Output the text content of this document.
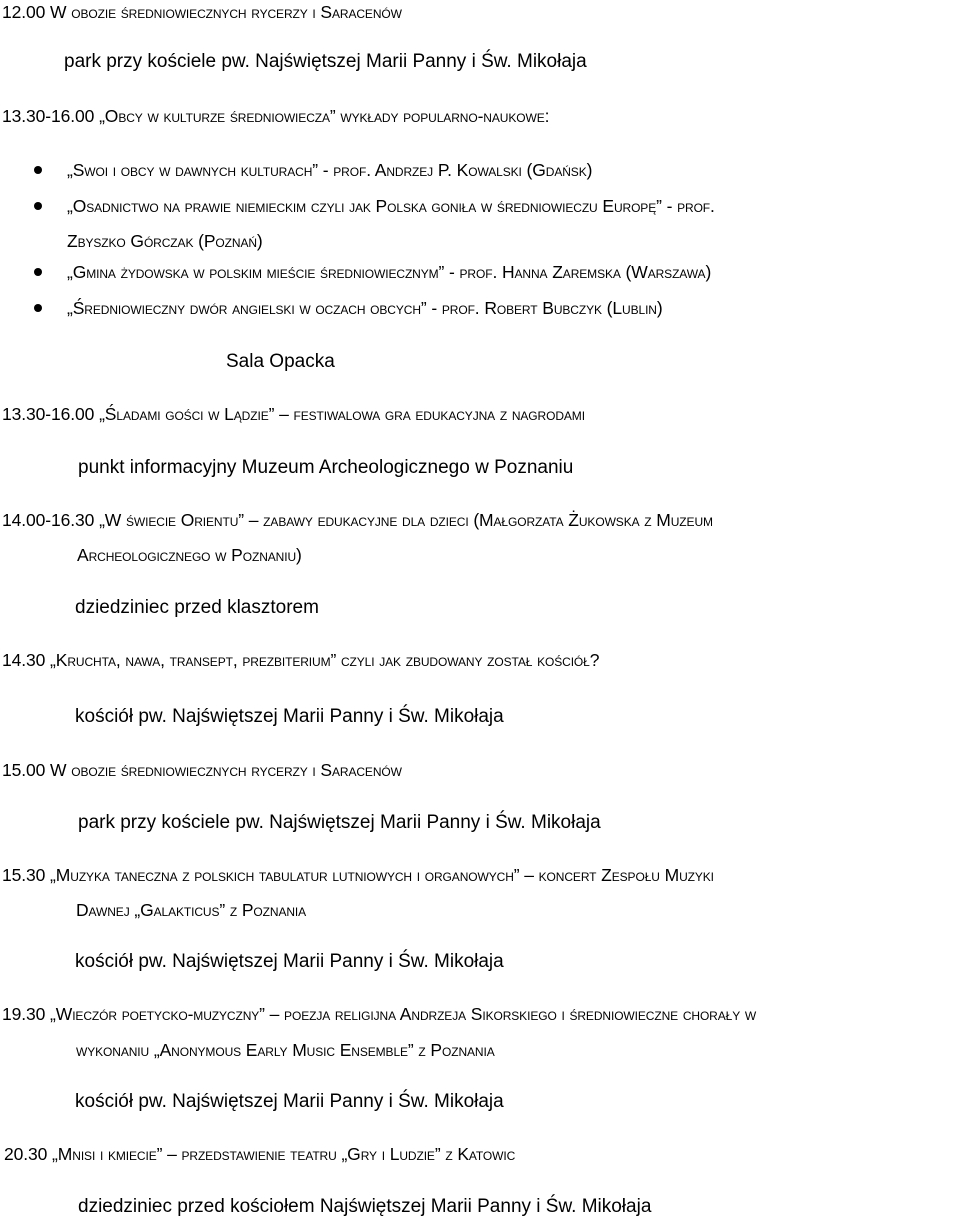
12.00 W obozie średniowiecznych rycerzy i Saracenów
park przy kościele pw. Najświętszej Marii Panny i Św. Mikołaja
13.30-16.00 „Obcy w kulturze średniowiecza” wykłady popularno-naukowe:
„Swoi i obcy w dawnych kulturach” - prof. Andrzej P. Kowalski (Gdańsk)
„Osadnictwo na prawie niemieckim czyli jak Polska goniła w średniowieczu Europę” - prof.
Zbyszko Górczak (Poznań)
„Gmina żydowska w polskim mieście średniowiecznym” - prof. Hanna Zaremska (Warszawa)
„Średniowieczny dwór angielski w oczach obcych” - prof. Robert Bubczyk (Lublin)
Sala Opacka
13.30-16.00 „Śladami gości w Lądzie” – festiwalowa gra edukacyjna z nagrodami
punkt informacyjny Muzeum Archeologicznego w Poznaniu
14.00-16.30 „W świecie Orientu” – zabawy edukacyjne dla dzieci (Małgorzata Żukowska z Muzeum
Archeologicznego w Poznaniu)
dziedziniec przed klasztorem
14.30 „Kruchta, nawa, transept, prezbiterium” czyli jak zbudowany został kościół?
kościół pw. Najświętszej Marii Panny i Św. Mikołaja
15.00 W obozie średniowiecznych rycerzy i Saracenów
park przy kościele pw. Najświętszej Marii Panny i Św. Mikołaja
15.30 „Muzyka taneczna z polskich tabulatur lutniowych i organowych” – koncert Zespołu Muzyki
Dawnej „Galakticus” z Poznania
kościół pw. Najświętszej Marii Panny i Św. Mikołaja
19.30 „Wieczór poetycko-muzyczny” – poezja religijna Andrzeja Sikorskiego i średniowieczne chorały w
wykonaniu „Anonymous Early Music Ensemble” z Poznania
kościół pw. Najświętszej Marii Panny i Św. Mikołaja
20.30 „Mnisi i kmiecie” – przedstawienie teatru „Gry i Ludzie” z Katowic
dziedziniec przed kościołem Najświętszej Marii Panny i Św. Mikołaja
